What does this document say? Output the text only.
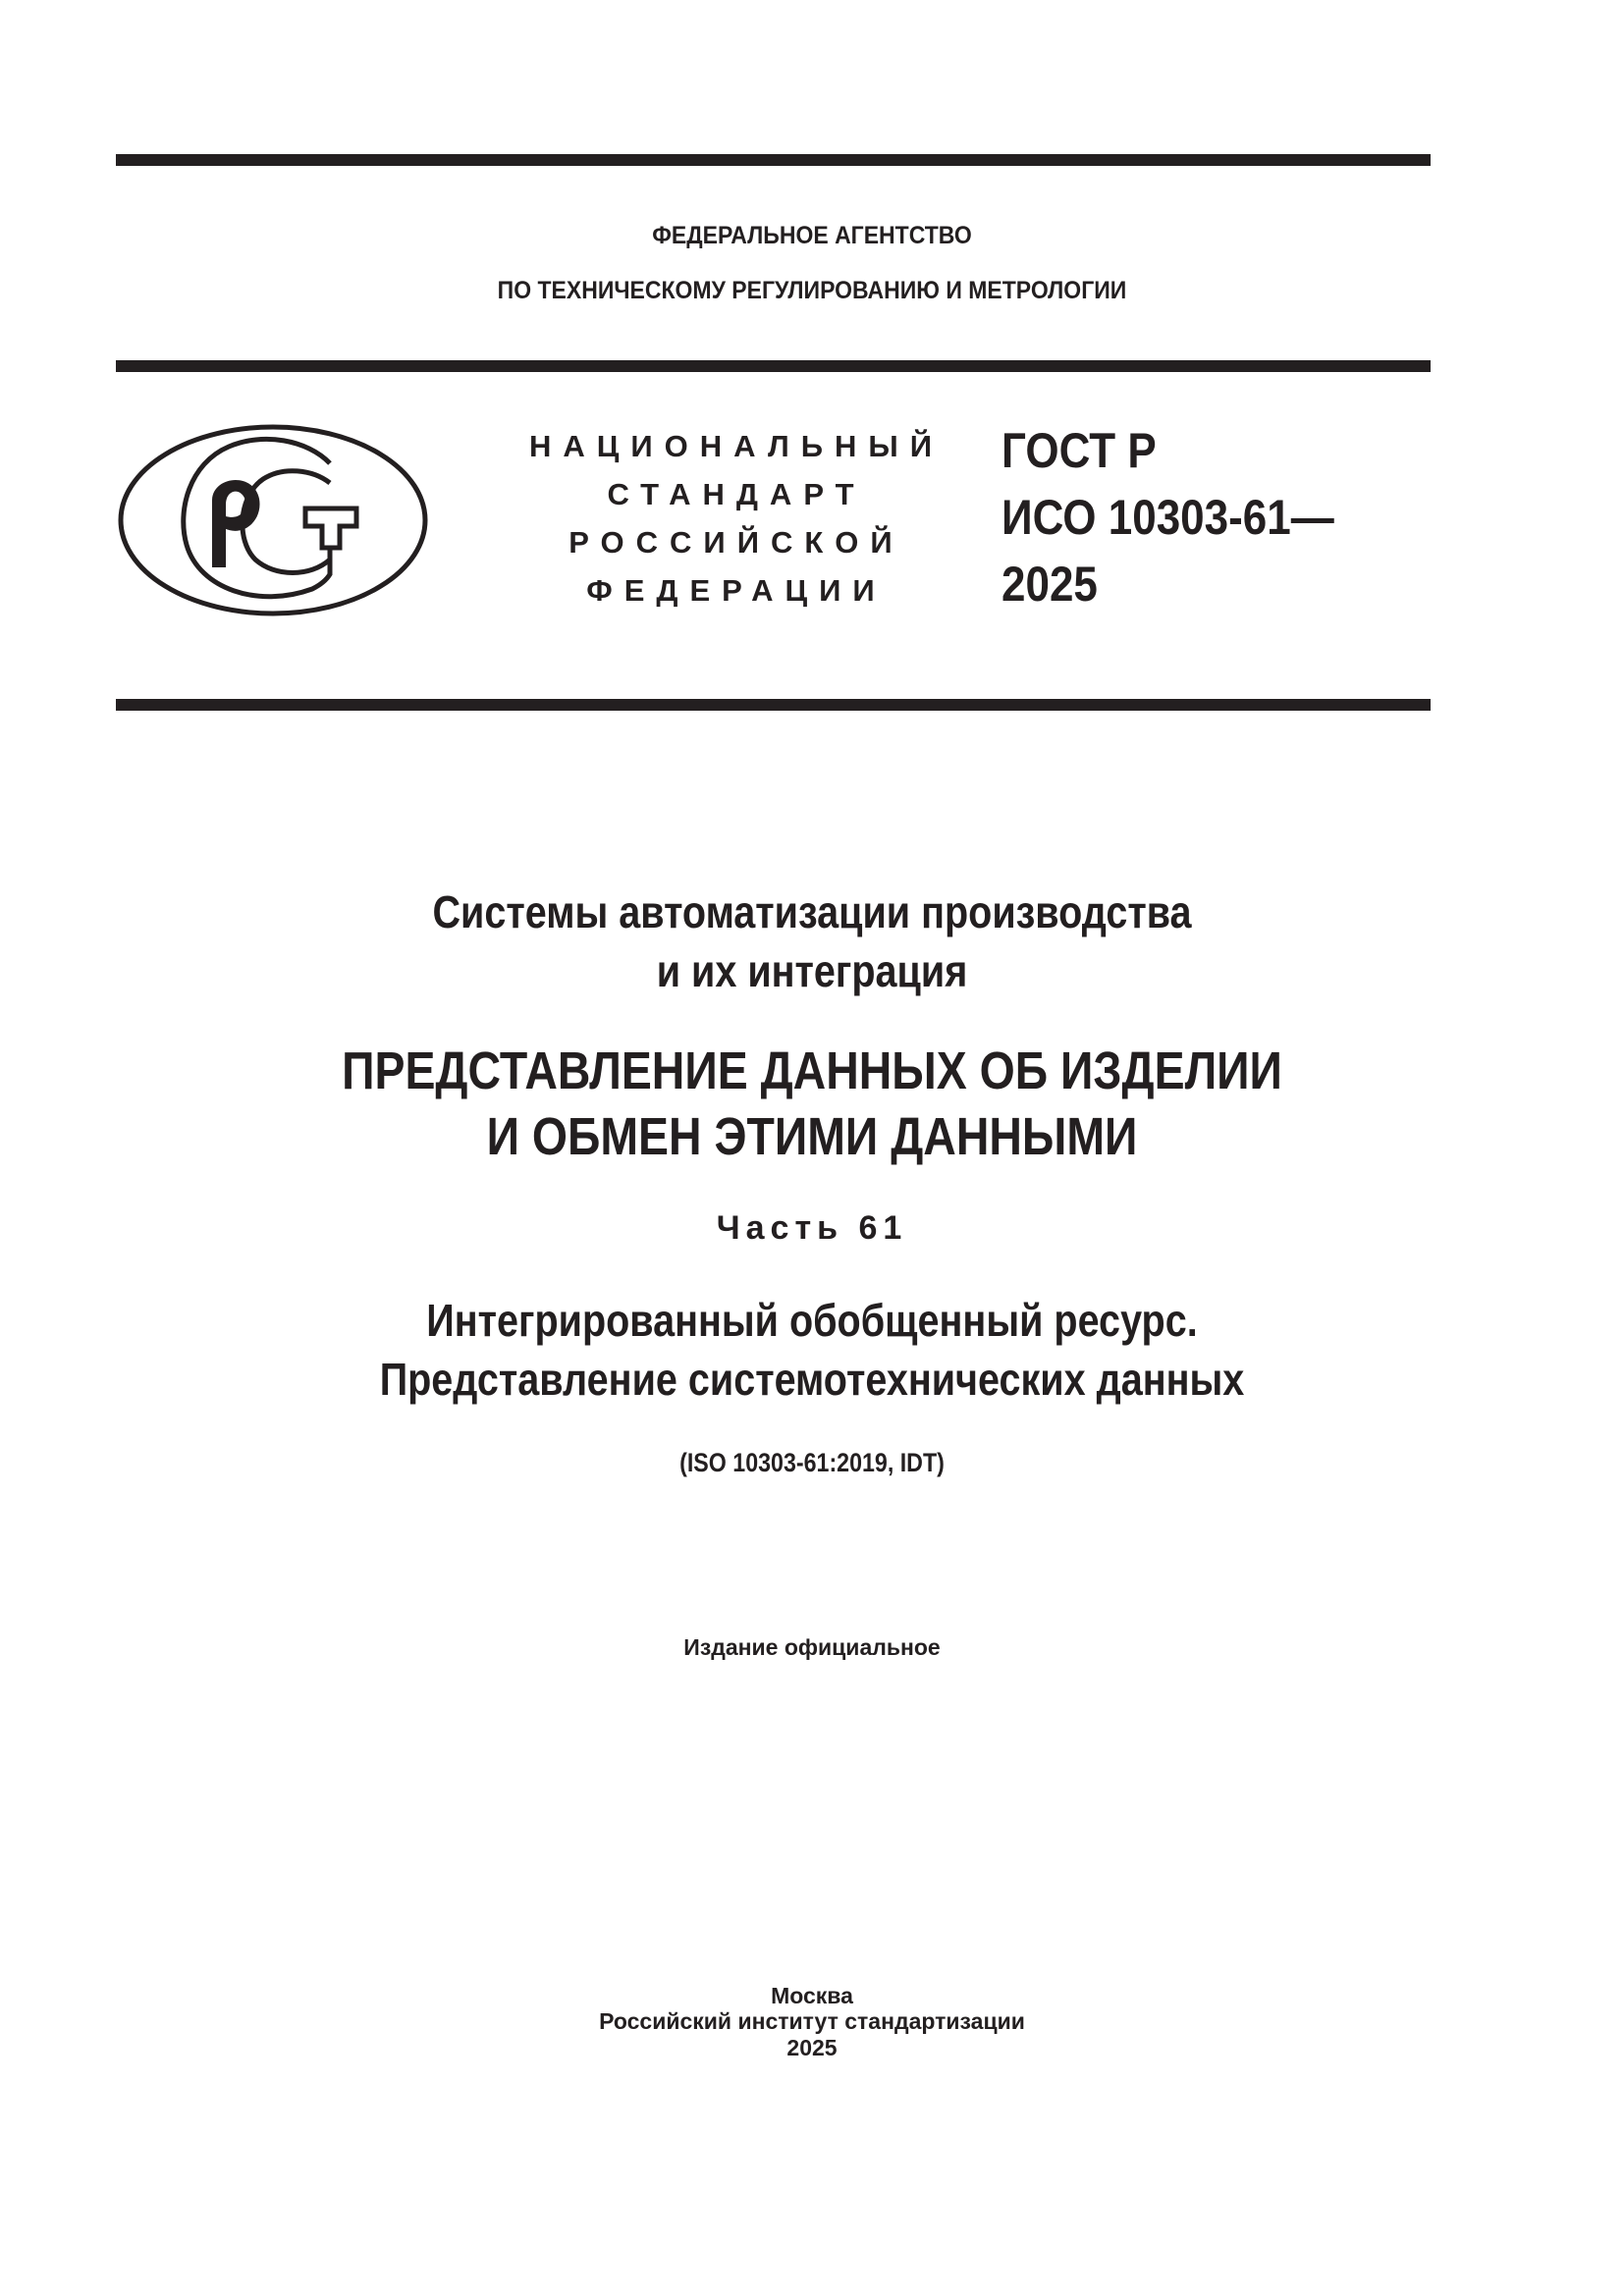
ФЕДЕРАЛЬНОЕ АГЕНТСТВО
ПО ТЕХНИЧЕСКОМУ РЕГУЛИРОВАНИЮ И МЕТРОЛОГИИ
НАЦИОНАЛЬНЫЙ
СТАНДАРТ
РОССИЙСКОЙ
ФЕДЕРАЦИИ
ГОСТ Р
ИСО 10303-61—
2025
Системы автоматизации производства
и их интеграция
ПРЕДСТАВЛЕНИЕ ДАННЫХ ОБ ИЗДЕЛИИ
И ОБМЕН ЭТИМИ ДАННЫМИ
Часть 61
Интегрированный обобщенный ресурс.
Представление системотехнических данных
(ISO 10303-61:2019, IDT)
Издание официальное
Москва
Российский институт стандартизации
2025
